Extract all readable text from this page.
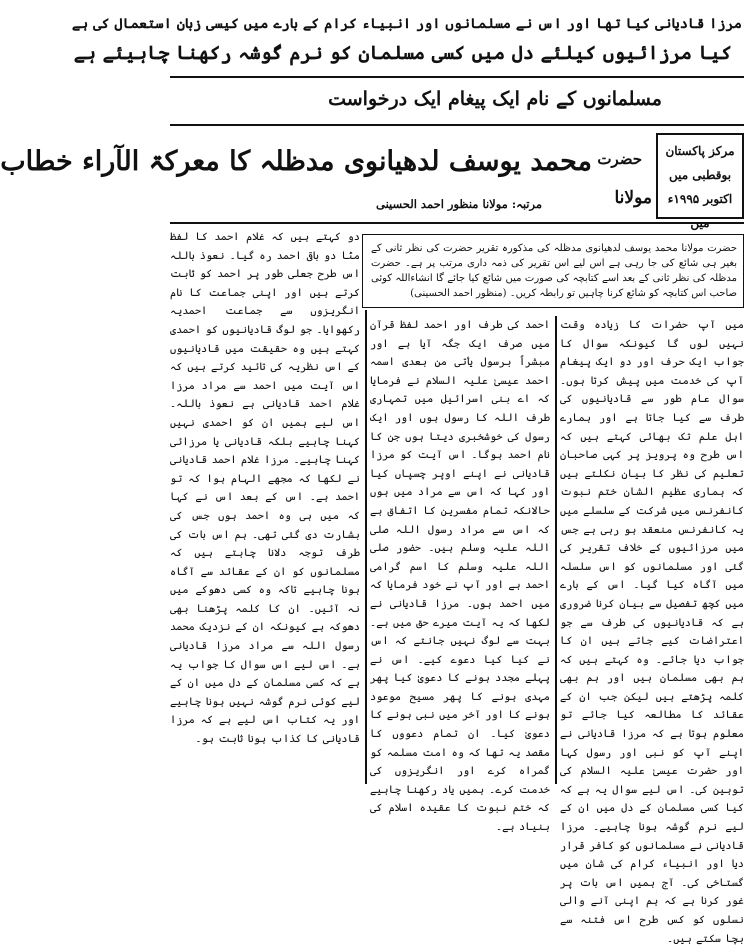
مرزا قادیانی کیا تھا اور اس نے مسلمانوں اور انبیاء کرام کے بارے میں کیسی زبان استعمال کی ہے
کیا مرزائیوں کیلئے دل میں کسی مسلمان کو نرم گوشہ رکھنا چاہیئے ہے
مسلمانوں کے نام ایک پیغام ایک درخواست
مرکز پاکستان بوقطبی میں اکتوبر ۱۹۹۵ء
حضرت
مولانا
محمد یوسف لدھیانوی مدظلہ کا معرکۃ الآراء خطاب
مرتبہ: مولانا منظور احمد الحسینی
حضرت مولانا محمد یوسف لدھیانوی مدظلہ کی مذکورہ تقریر حضرت کی نظر ثانی کے بغیر ہی شائع کی جا رہی ہے اس لیے اس تقریر کی ذمہ داری مرتب پر ہے۔ حضرت مدظلہ کی نظر ثانی کے بعد اسے کتابچہ کی صورت میں شائع کیا جائے گا انشاءاللہ کوئی صاحب اس کتابچہ کو شائع کرنا چاہیں تو رابطہ کریں۔ (منظور احمد الحسینی)
دو کہتے ہیں کہ غلام احمد کا لفظ مٹا دو باقی احمد رہ گیا۔ نعوذ باللہ اس طرح جعلی طور پر احمد کو ثابت کرتے ہیں اور اپنی جماعت کا نام انگریزوں سے جماعت احمدیہ رکھوایا۔ جو لوگ قادیانیوں کو احمدی کہتے ہیں وہ حقیقت میں قادیانیوں کے اس نظریہ کی تائید کرتے ہیں کہ اس آیت میں احمد سے مراد مرزا غلام احمد قادیانی ہے نعوذ باللہ۔ اس لیے ہمیں ان کو احمدی نہیں کہنا چاہیے بلکہ قادیانی یا مرزائی کہنا چاہیے۔ مرزا غلام احمد قادیانی نے لکھا کہ مجھے الہام ہوا کہ تو احمد ہے۔ اس کے بعد اس نے کہا کہ میں ہی وہ احمد ہوں جس کی بشارت دی گئی تھی۔ ہم اس بات کی طرف توجہ دلانا چاہتے ہیں کہ مسلمانوں کو ان کے عقائد سے آگاہ ہونا چاہیے تاکہ وہ کسی دھوکے میں نہ آئیں۔ ان کا کلمہ پڑھنا بھی دھوکہ ہے کیونکہ ان کے نزدیک محمد رسول اللہ سے مراد مرزا قادیانی ہے۔ اس لیے اس سوال کا جواب یہ ہے کہ کسی مسلمان کے دل میں ان کے لیے کوئی نرم گوشہ نہیں ہونا چاہیے اور یہ کتاب اس لیے ہے کہ مرزا قادیانی کا کذاب ہونا ثابت ہو۔
احمد کی طرف اور احمد لفظ قرآن میں صرف ایک جگہ آیا ہے اور مبشراً برسول یأتی من بعدی اسمہ احمد عیسیٰ علیہ السلام نے فرمایا کہ اے بنی اسرائیل میں تمہاری طرف اللہ کا رسول ہوں اور ایک رسول کی خوشخبری دیتا ہوں جن کا نام احمد ہوگا۔ اس آیت کو مرزا قادیانی نے اپنے اوپر چسپاں کیا اور کہا کہ اس سے مراد میں ہوں حالانکہ تمام مفسرین کا اتفاق ہے کہ اس سے مراد رسول اللہ صلی اللہ علیہ وسلم ہیں۔ حضور صلی اللہ علیہ وسلم کا اسم گرامی احمد ہے اور آپ نے خود فرمایا کہ میں احمد ہوں۔ مرزا قادیانی نے لکھا کہ یہ آیت میرے حق میں ہے۔ بہت سے لوگ نہیں جانتے کہ اس نے کیا کیا دعوے کیے۔ اس نے پہلے مجدد ہونے کا دعویٰ کیا پھر مہدی ہونے کا پھر مسیح موعود ہونے کا اور آخر میں نبی ہونے کا دعویٰ کیا۔ ان تمام دعووں کا مقصد یہ تھا کہ وہ امت مسلمہ کو گمراہ کرے اور انگریزوں کی خدمت کرے۔ ہمیں یاد رکھنا چاہیے کہ ختم نبوت کا عقیدہ اسلام کی بنیاد ہے۔
میں آپ حضرات کا زیادہ وقت نہیں لوں گا کیونکہ سوال کا جواب ایک حرف اور دو ایک پیغام آپ کی خدمت میں پیش کرتا ہوں۔ سوال عام طور سے قادیانیوں کی طرف سے کیا جاتا ہے اور ہمارے اہل علم تک بھائی کہتے ہیں کہ اس طرح وہ پرویز پر کہی صاحبان تعلیم کی نظر کا بیان نکلتے ہیں کہ ہماری عظیم الشان ختم نبوت کانفرنس میں شرکت کے سلسلے میں یہ کانفرنس منعقد ہو رہی ہے جس میں مرزائیوں کے خلاف تقریر کی گئی اور مسلمانوں کو اس سلسلہ میں آگاہ کیا گیا۔ اس کے بارے میں کچھ تفصیل سے بیان کرنا ضروری ہے کہ قادیانیوں کی طرف سے جو اعتراضات کیے جاتے ہیں ان کا جواب دیا جائے۔ وہ کہتے ہیں کہ ہم بھی مسلمان ہیں اور ہم بھی کلمہ پڑھتے ہیں لیکن جب ان کے عقائد کا مطالعہ کیا جائے تو معلوم ہوتا ہے کہ مرزا قادیانی نے اپنے آپ کو نبی اور رسول کہا اور حضرت عیسیٰ علیہ السلام کی توہین کی۔ اس لیے سوال یہ ہے کہ کیا کسی مسلمان کے دل میں ان کے لیے نرم گوشہ ہونا چاہیے۔ مرزا قادیانی نے مسلمانوں کو کافر قرار دیا اور انبیاء کرام کی شان میں گستاخی کی۔ آج ہمیں اس بات پر غور کرنا ہے کہ ہم اپنی آنے والی نسلوں کو کس طرح اس فتنہ سے بچا سکتے ہیں۔
